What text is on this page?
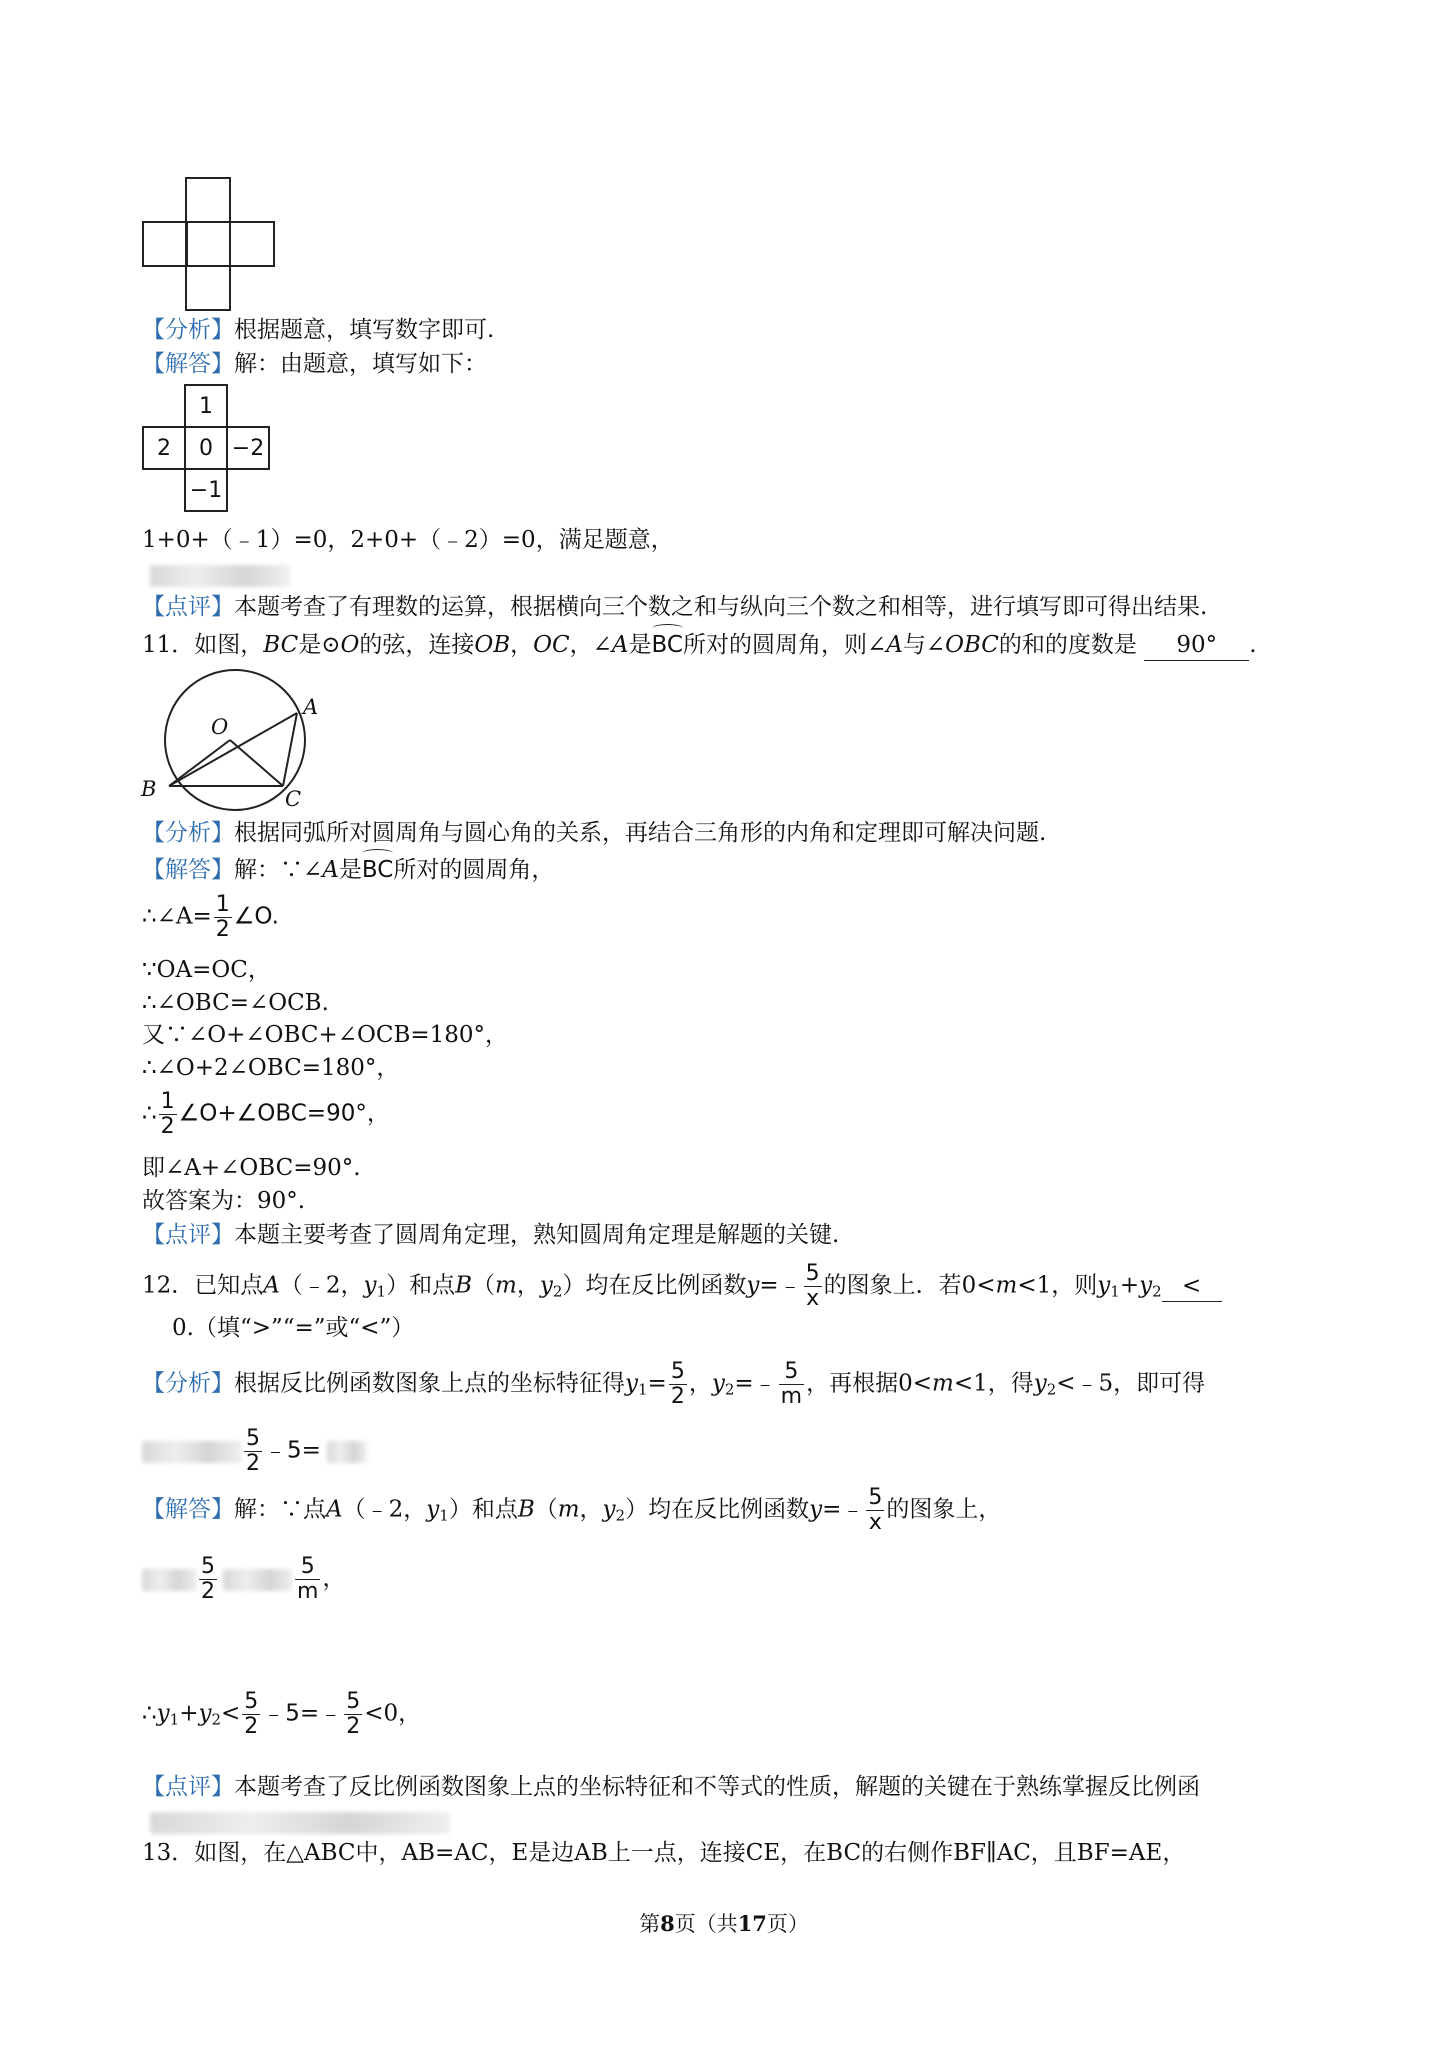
【分析】根据题意，填写数字即可.
【解答】解：由题意，填写如下：
	1	
2	0	−2
	−1	
1+0+（﹣1）=0，2+0+（﹣2）=0，满足题意，
【点评】本题考查了有理数的运算，根据横向三个数之和与纵向三个数之和相等，进行填写即可得出结果.
11．如图，BC是⊙O的弦，连接OB，OC，∠A是BC所对的圆周角，则∠A与∠OBC的和的度数是 90° .
O
A
B	C
【分析】根据同弧所对圆周角与圆心角的关系，再结合三角形的内角和定理即可解决问题.
【解答】解：∵∠A是BC所对的圆周角，
∴∠A= $\frac{1}{2}$ ∠O.
∵OA=OC，
∴∠OBC=∠OCB.
又∵∠O+∠OBC+∠OCB=180°，
∴∠O+2∠OBC=180°，
∴ $\frac{1}{2}$ ∠O+∠OBC=90°，
即∠A+∠OBC=90°.
故答案为：90°.
【点评】本题主要考查了圆周角定理，熟知圆周角定理是解题的关键.
12．已知点A（﹣2，$y_1$）和点B（m，$y_2$）均在反比例函数y=﹣ $\frac{5}{x}$ 的图象上．若0<m<1，则$y_1+y_2$ <
0.（填“>”“=”或“<”）
【分析】根据反比例函数图象上点的坐标特征得$y_1= \frac{5}{2}$ ，$y_2=﹣ \frac{5}{m}$ ，再根据0<m<1，得$y_2<﹣5$，即可得
$\frac{5}{2}$ ﹣5=
【解答】解：∵点A（﹣2，$y_1$）和点B（m，$y_2$）均在反比例函数y=﹣ $\frac{5}{x}$ 的图象上，
$\frac{5}{2}$	$\frac{5}{m}$ ，
$\therefore y_1+y_2< \frac{5}{2}$ ﹣5=﹣ $\frac{5}{2} <0$，
【点评】本题考查了反比例函数图象上点的坐标特征和不等式的性质，解题的关键在于熟练掌握反比例函
13．如图，在△ABC中，AB=AC，E是边AB上一点，连接CE，在BC的右侧作BF∥AC，且BF=AE，
第8页（共17页）
